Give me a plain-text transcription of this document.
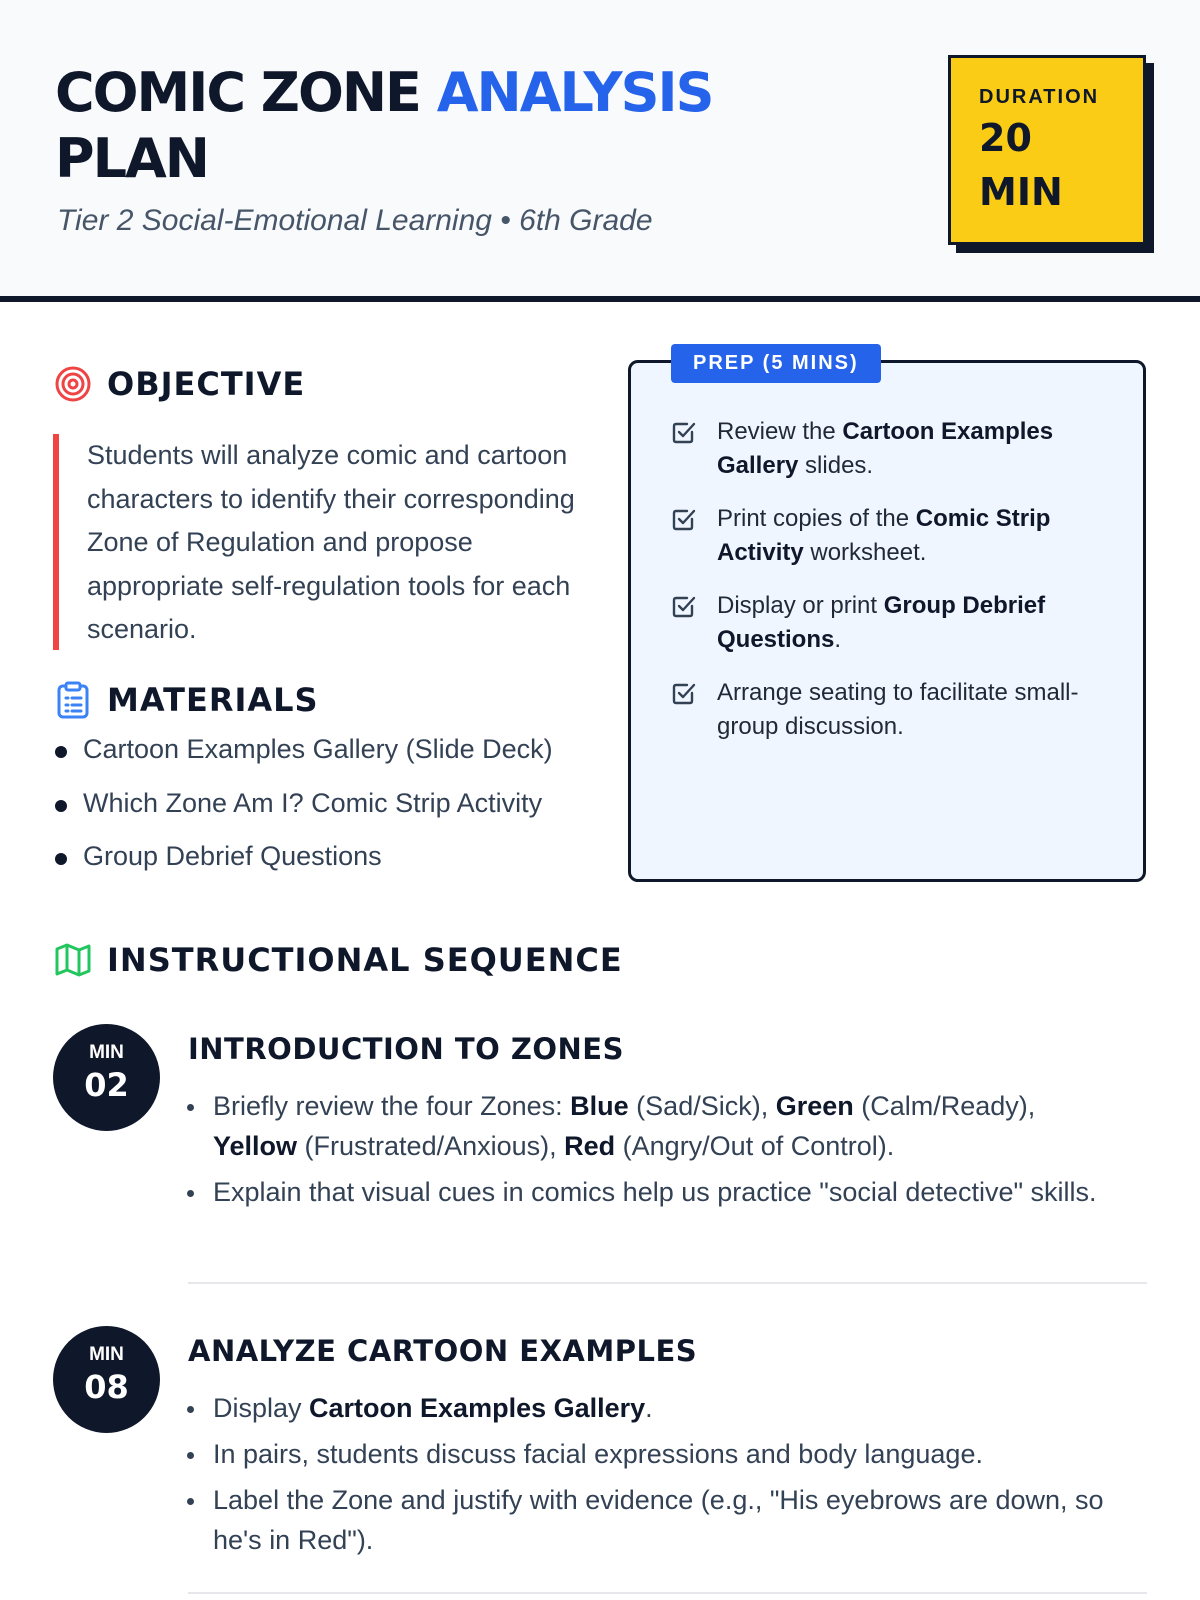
COMIC ZONE ANALYSIS
PLAN
Tier 2 Social-Emotional Learning • 6th Grade
DURATION
20
MIN
OBJECTIVE
Students will analyze comic and cartoon characters to identify their corresponding Zone of Regulation and propose appropriate self-regulation tools for each scenario.
MATERIALS
Cartoon Examples Gallery (Slide Deck)
Which Zone Am I? Comic Strip Activity
Group Debrief Questions
PREP (5 MINS)
Review the Cartoon Examples Gallery slides.
Print copies of the Comic Strip Activity worksheet.
Display or print Group Debrief Questions.
Arrange seating to facilitate small-group discussion.
INSTRUCTIONAL SEQUENCE
MIN
02
INTRODUCTION TO ZONES
Briefly review the four Zones: Blue (Sad/Sick), Green (Calm/Ready), Yellow (Frustrated/Anxious), Red (Angry/Out of Control).
Explain that visual cues in comics help us practice "social detective" skills.
MIN
08
ANALYZE CARTOON EXAMPLES
Display Cartoon Examples Gallery.
In pairs, students discuss facial expressions and body language.
Label the Zone and justify with evidence (e.g., "His eyebrows are down, so he's in Red").
